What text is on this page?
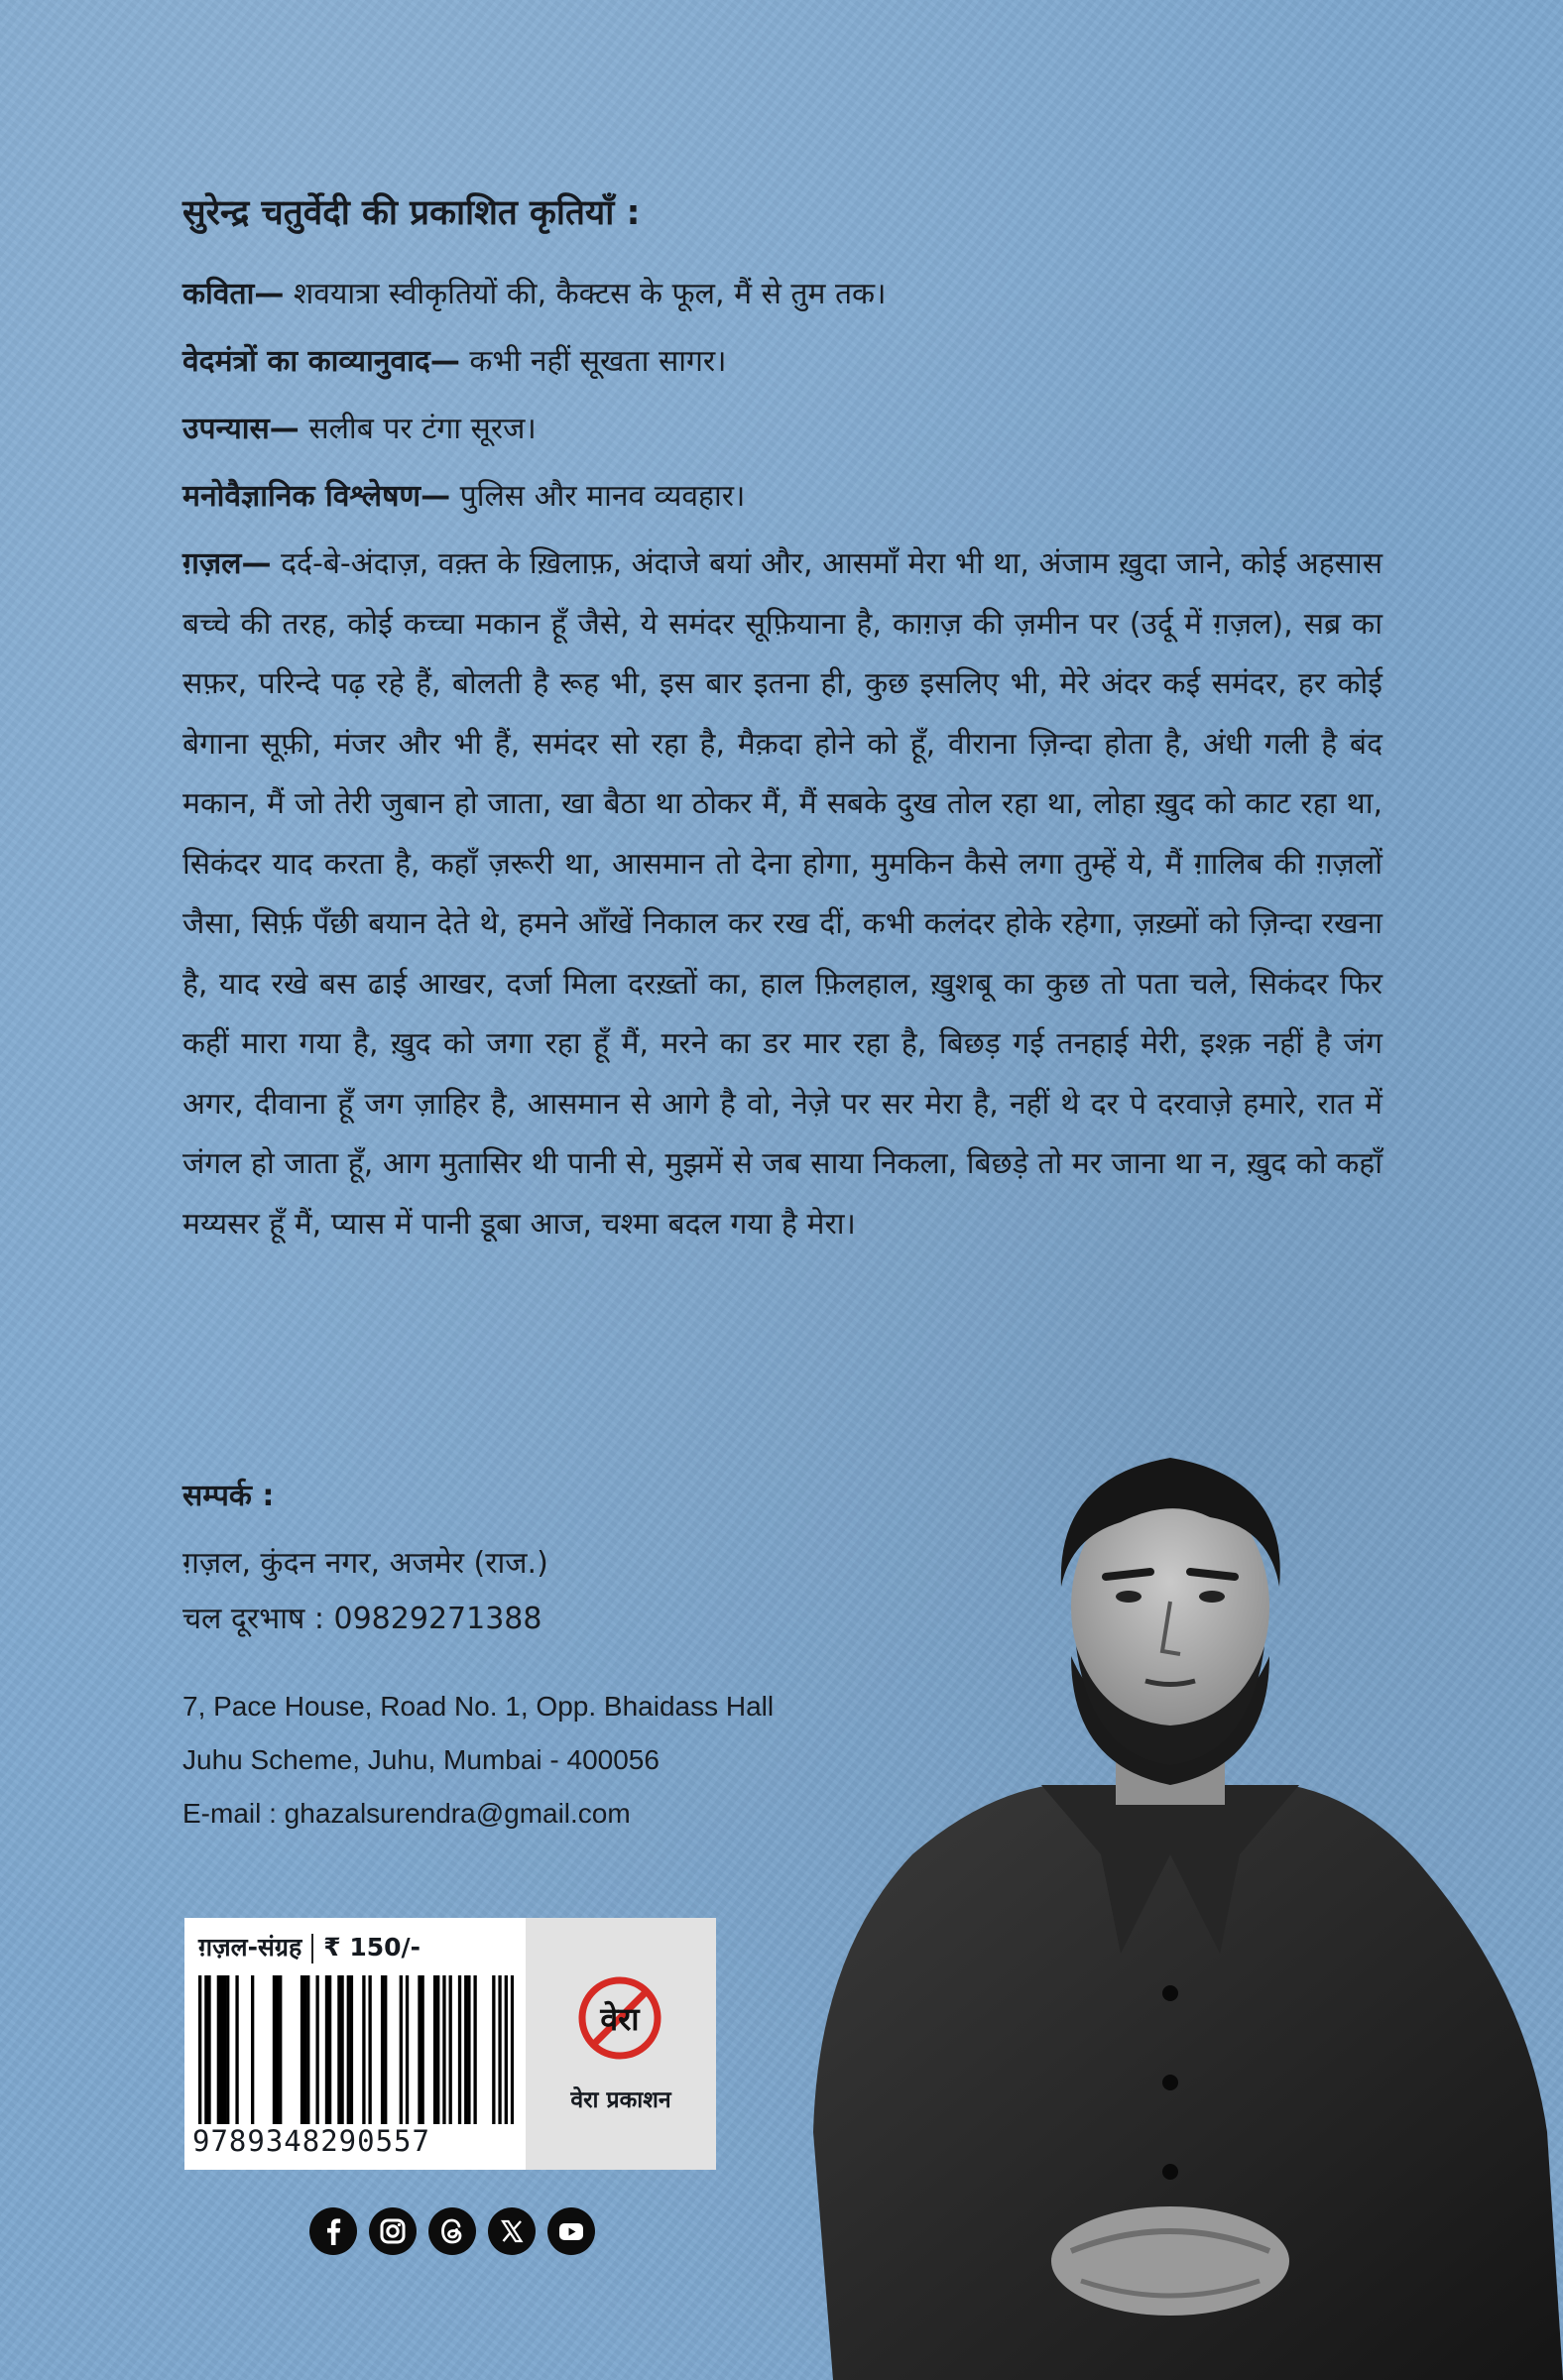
सुरेन्द्र चतुर्वेदी की प्रकाशित कृतियाँ :
कविता— शवयात्रा स्वीकृतियों की, कैक्टस के फूल, मैं से तुम तक।
वेदमंत्रों का काव्यानुवाद— कभी नहीं सूखता सागर।
उपन्यास— सलीब पर टंगा सूरज।
मनोवैज्ञानिक विश्लेषण— पुलिस और मानव व्यवहार।

ग़ज़ल— दर्द-बे-अंदाज़, वक़्त के ख़िलाफ़, अंदाजे बयां और, आसमाँ मेरा भी था, अंजाम ख़ुदा जाने, कोई अहसास बच्चे की तरह, कोई कच्चा मकान हूँ जैसे, ये समंदर सूफ़ियाना है, काग़ज़ की ज़मीन पर (उर्दू में ग़ज़ल), सब्र का सफ़र, परिन्दे पढ़ रहे हैं, बोलती है रूह भी, इस बार इतना ही, कुछ इसलिए भी, मेरे अंदर कई समंदर, हर कोई बेगाना सूफ़ी, मंजर और भी हैं, समंदर सो रहा है, मैक़दा होने को हूँ, वीराना ज़िन्दा होता है, अंधी गली है बंद मकान, मैं जो तेरी जुबान हो जाता, खा बैठा था ठोकर मैं, मैं सबके दुख तोल रहा था, लोहा ख़ुद को काट रहा था, सिकंदर याद करता है, कहाँ ज़रूरी था, आसमान तो देना होगा, मुमकिन कैसे लगा तुम्हें ये, मैं ग़ालिब की ग़ज़लों जैसा, सिर्फ़ पँछी बयान देते थे, हमने आँखें निकाल कर रख दीं, कभी कलंदर होके रहेगा, ज़ख़्मों को ज़िन्दा रखना है, याद रखे बस ढाई आखर, दर्जा मिला दरख़्तों का, हाल फ़िलहाल, ख़ुशबू का कुछ तो पता चले, सिकंदर फिर कहीं मारा गया है, ख़ुद को जगा रहा हूँ मैं, मरने का डर मार रहा है, बिछड़ गई तनहाई मेरी, इश्क़ नहीं है जंग अगर, दीवाना हूँ जग ज़ाहिर है, आसमान से आगे है वो, नेज़े पर सर मेरा है, नहीं थे दर पे दरवाज़े हमारे, रात में जंगल हो जाता हूँ, आग मुतासिर थी पानी से, मुझमें से जब साया निकला, बिछड़े तो मर जाना था न, ख़ुद को कहाँ मय्यसर हूँ मैं, प्यास में पानी डूबा आज, चश्मा बदल गया है मेरा।

सम्पर्क :
ग़ज़ल, कुंदन नगर, अजमेर (राज.)
चल दूरभाष : 09829271388
7, Pace House, Road No. 1, Opp. Bhaidass Hall
Juhu Scheme, Juhu, Mumbai - 400056
E-mail : ghazalsurendra@gmail.com
ग़ज़ल-संग्रह ₹ 150/-
9789348290557
वेरा
वेरा प्रकाशन
